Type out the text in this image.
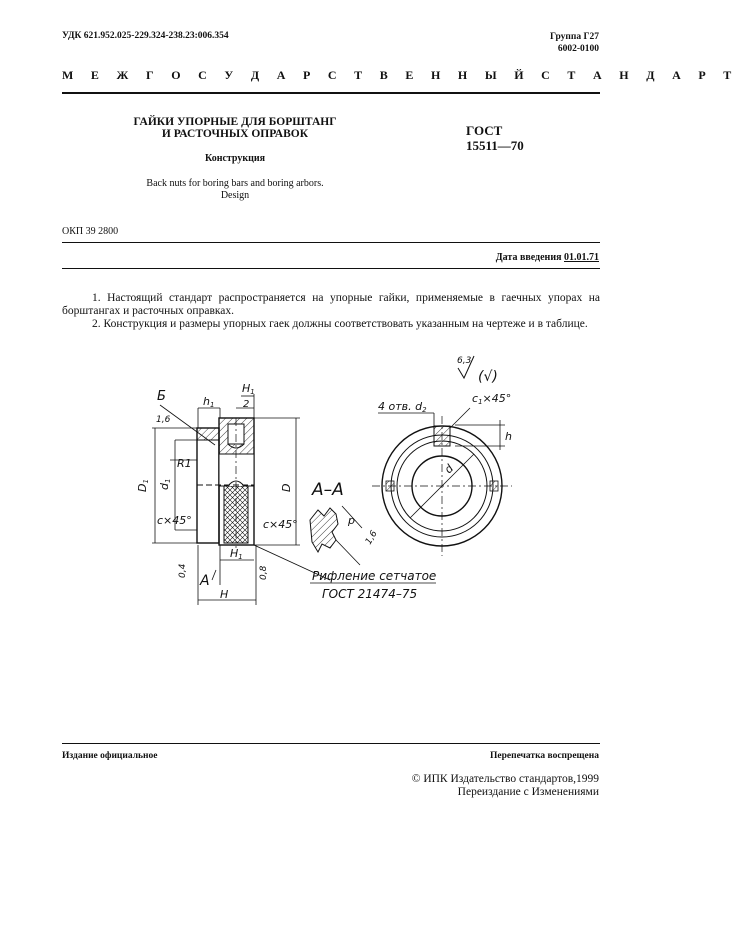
УДК 621.952.025-229.324-238.23:006.354	Группа Г27
6002-0100
М Е Ж Г О С У Д А Р С Т В Е Н Н Ы Й С Т А Н Д А Р Т
ГАЙКИ УПОРНЫЕ ДЛЯ БОРШТАНГ
И РАСТОЧНЫХ ОПРАВОК	ГОСТ
15511—70
Конструкция
Back nuts for boring bars and boring arbors.
Design
ОКП 39 2800
Дата введения 01.01.71
1. Настоящий стандарт распространяется на упорные гайки, применяемые в гаечных упорах на борштангах и расточных оправках.
2. Конструкция и размеры упорных гаек должны соответствовать указанным на чертеже и в таблице.
Б	h1
H1
2
1,6
R1
D1
d1
D
c×45°	c×45°
0,4	0,8
H1
H
А
А–А
p
1,6
Рифление сетчатое
ГОСТ 21474–75
6,3
(√)
4 отв. d2
c1×45°
h
d
Издание официальное	Перепечатка воспрещена
© ИПК Издательство стандартов,1999
Переиздание с Изменениями
